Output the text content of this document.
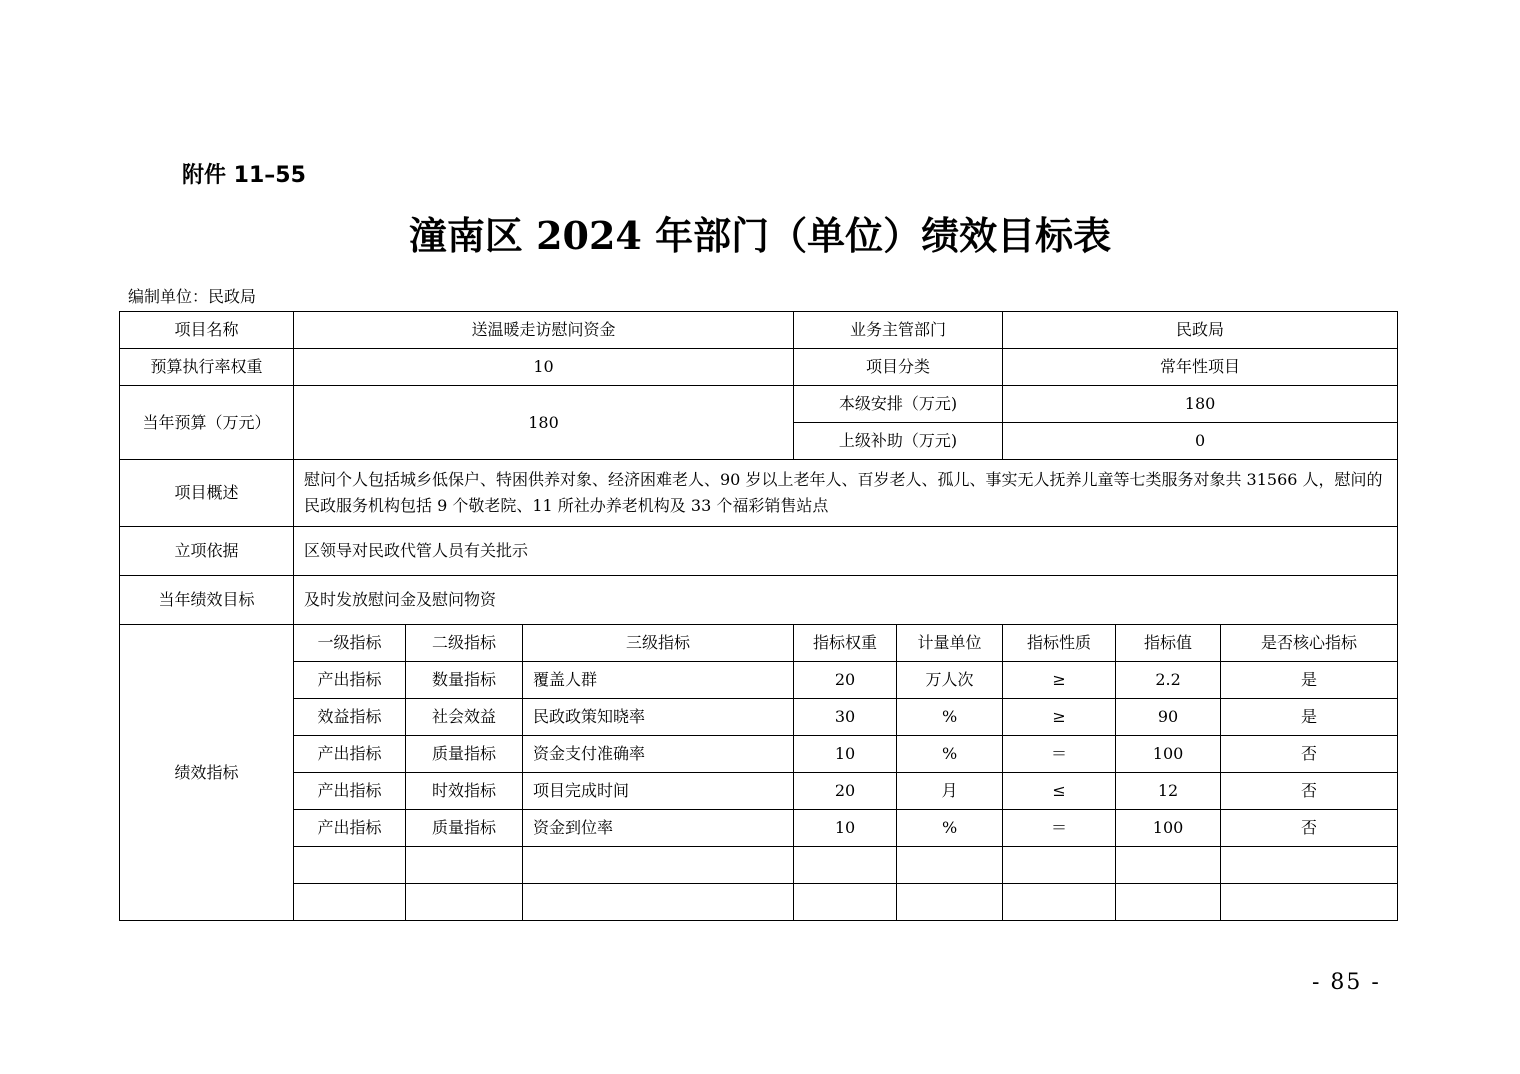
附件 11–55
潼南区 2024 年部门（单位）绩效目标表
编制单位：民政局
项目名称	送温暖走访慰问资金			业务主管部门		民政局		
预算执行率权重	10			项目分类		常年性项目		
当年预算（万元）	180			本级安排（万元)		180		
				上级补助（万元)		0		
项目概述	慰问个人包括城乡低保户、特困供养对象、经济困难老人、90 岁以上老年人、百岁老人、孤儿、事实无人抚养儿童等七类服务对象共 31566 人，慰问的民政服务机构包括 9 个敬老院、11 所社办养老机构及 33 个福彩销售站点							
立项依据	区领导对民政代管人员有关批示							
当年绩效目标	及时发放慰问金及慰问物资							
绩效指标	一级指标	二级指标	三级指标	指标权重	计量单位	指标性质	指标值	是否核心指标
	产出指标	数量指标	覆盖人群	20	万人次	≥	2.2	是
	效益指标	社会效益	民政政策知晓率	30	%	≥	90	是
	产出指标	质量指标	资金支付准确率	10	%	＝	100	否
	产出指标	时效指标	项目完成时间	20	月	≤	12	否
	产出指标	质量指标	资金到位率	10	%	＝	100	否

- 85 -
